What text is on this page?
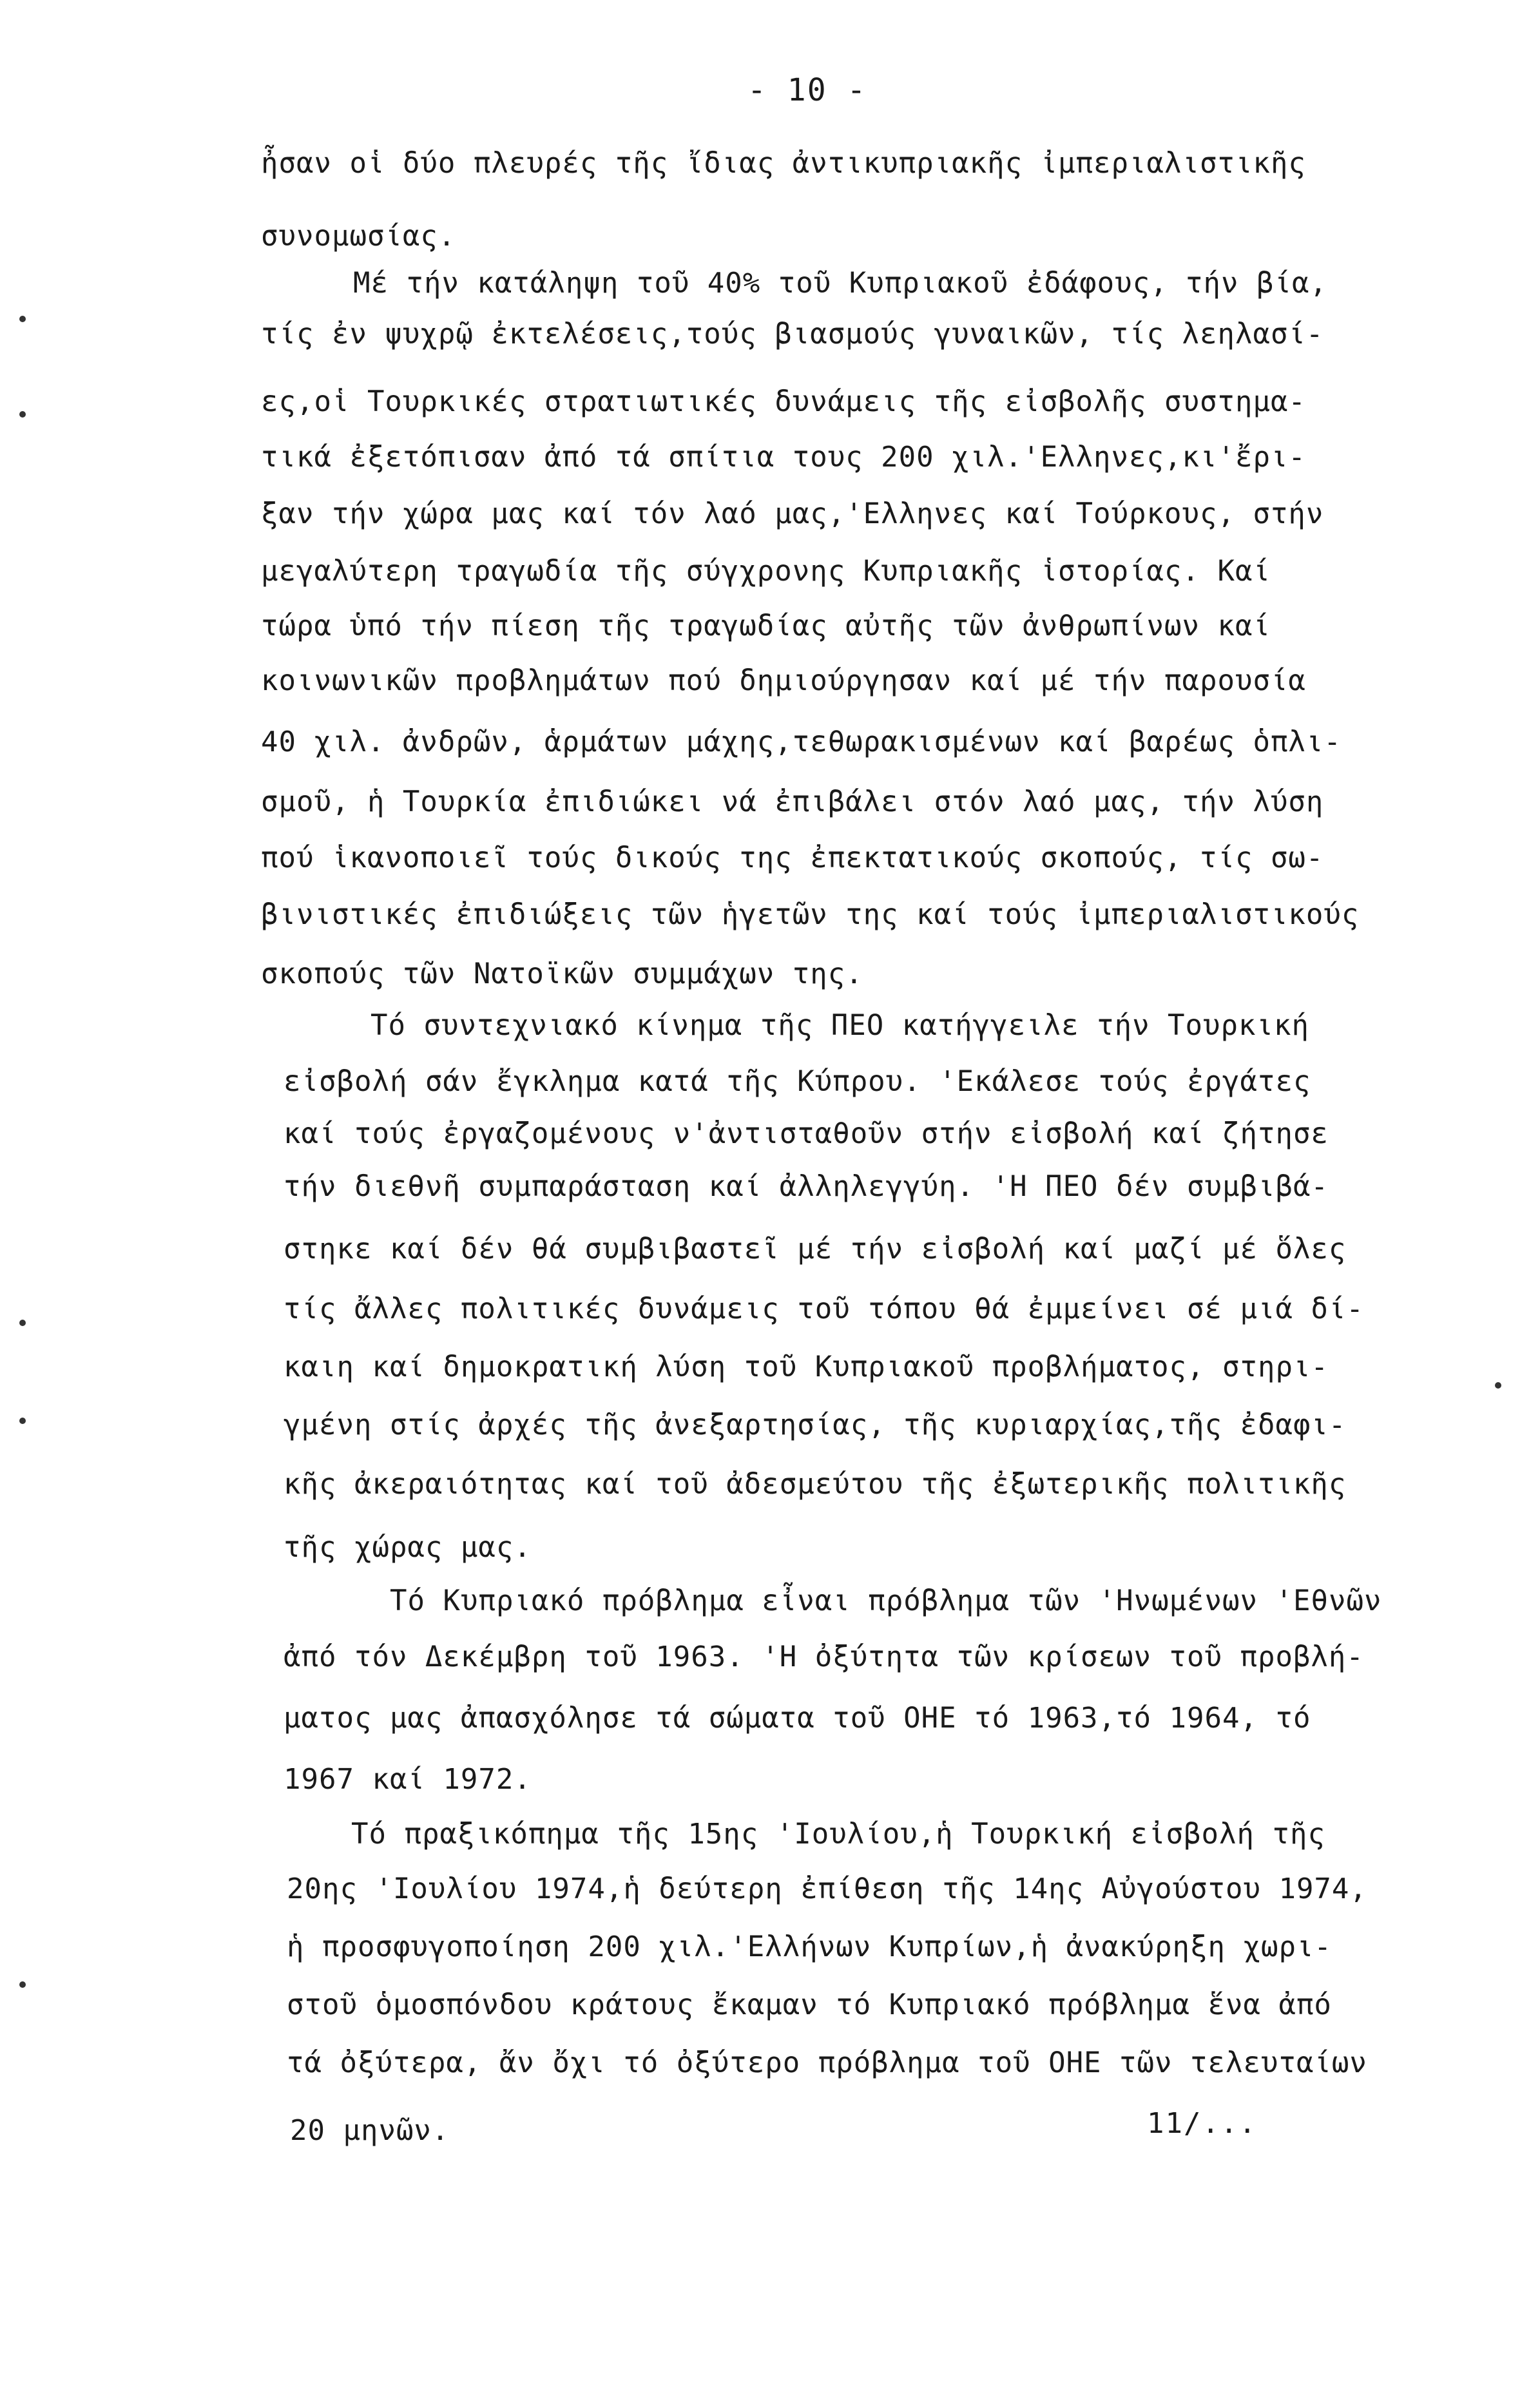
- 10 -
ἦσαν οἱ δύο πλευρές τῆς ἴδιας ἀντικυπριακῆς ἰμπεριαλιστικῆς
συνομωσίας.
Μέ τήν κατάληψη τοῦ 40% τοῦ Κυπριακοῦ ἐδάφους, τήν βία,
τίς ἐν ψυχρῷ ἐκτελέσεις,τούς βιασμούς γυναικῶν, τίς λεηλασί-
ες,οἱ Τουρκικές στρατιωτικές δυνάμεις τῆς εἰσβολῆς συστημα-
τικά ἐξετόπισαν ἀπό τά σπίτια τους 200 χιλ.'Ελληνες,κι'ἔρι-
ξαν τήν χώρα μας καί τόν λαό μας,'Ελληνες καί Τούρκους, στήν
μεγαλύτερη τραγωδία τῆς σύγχρονης Κυπριακῆς ἱστορίας. Καί
τώρα ὑπό τήν πίεση τῆς τραγωδίας αὐτῆς τῶν ἀνθρωπίνων καί
κοινωνικῶν προβλημάτων πού δημιούργησαν καί μέ τήν παρουσία
40 χιλ. ἀνδρῶν, ἁρμάτων μάχης,τεθωρακισμένων καί βαρέως ὁπλι-
σμοῦ, ἡ Τουρκία ἐπιδιώκει νά ἐπιβάλει στόν λαό μας, τήν λύση
πού ἱκανοποιεῖ τούς δικούς της ἐπεκτατικούς σκοπούς, τίς σω-
βινιστικές ἐπιδιώξεις τῶν ἡγετῶν της καί τούς ἰμπεριαλιστικούς
σκοπούς τῶν Νατοϊκῶν συμμάχων της.
Τό συντεχνιακό κίνημα τῆς ΠΕΟ κατήγγειλε τήν Τουρκική
εἰσβολή σάν ἔγκλημα κατά τῆς Κύπρου. 'Εκάλεσε τούς ἐργάτες
καί τούς ἐργαζομένους ν'ἀντισταθοῦν στήν εἰσβολή καί ζήτησε
τήν διεθνῆ συμπαράσταση καί ἀλληλεγγύη. 'Η ΠΕΟ δέν συμβιβά-
στηκε καί δέν θά συμβιβαστεῖ μέ τήν εἰσβολή καί μαζί μέ ὅλες
τίς ἄλλες πολιτικές δυνάμεις τοῦ τόπου θά ἐμμείνει σέ μιά δί-
καιη καί δημοκρατική λύση τοῦ Κυπριακοῦ προβλήματος, στηρι-
γμένη στίς ἀρχές τῆς ἀνεξαρτησίας, τῆς κυριαρχίας,τῆς ἐδαφι-
κῆς ἀκεραιότητας καί τοῦ ἀδεσμεύτου τῆς ἐξωτερικῆς πολιτικῆς
τῆς χώρας μας.
Τό Κυπριακό πρόβλημα εἶναι πρόβλημα τῶν 'Ηνωμένων 'Εθνῶν
ἀπό τόν Δεκέμβρη τοῦ 1963. 'Η ὀξύτητα τῶν κρίσεων τοῦ προβλή-
ματος μας ἀπασχόλησε τά σώματα τοῦ ΟΗΕ τό 1963,τό 1964, τό
1967 καί 1972.
Τό πραξικόπημα τῆς 15ης 'Ιουλίου,ἡ Τουρκική εἰσβολή τῆς
20ης 'Ιουλίου 1974,ἡ δεύτερη ἐπίθεση τῆς 14ης Αὐγούστου 1974,
ἡ προσφυγοποίηση 200 χιλ.'Ελλήνων Κυπρίων,ἡ ἀνακύρηξη χωρι-
στοῦ ὁμοσπόνδου κράτους ἔκαμαν τό Κυπριακό πρόβλημα ἕνα ἀπό
τά ὀξύτερα, ἄν ὄχι τό ὀξύτερο πρόβλημα τοῦ ΟΗΕ τῶν τελευταίων
20 μηνῶν.	11/...
